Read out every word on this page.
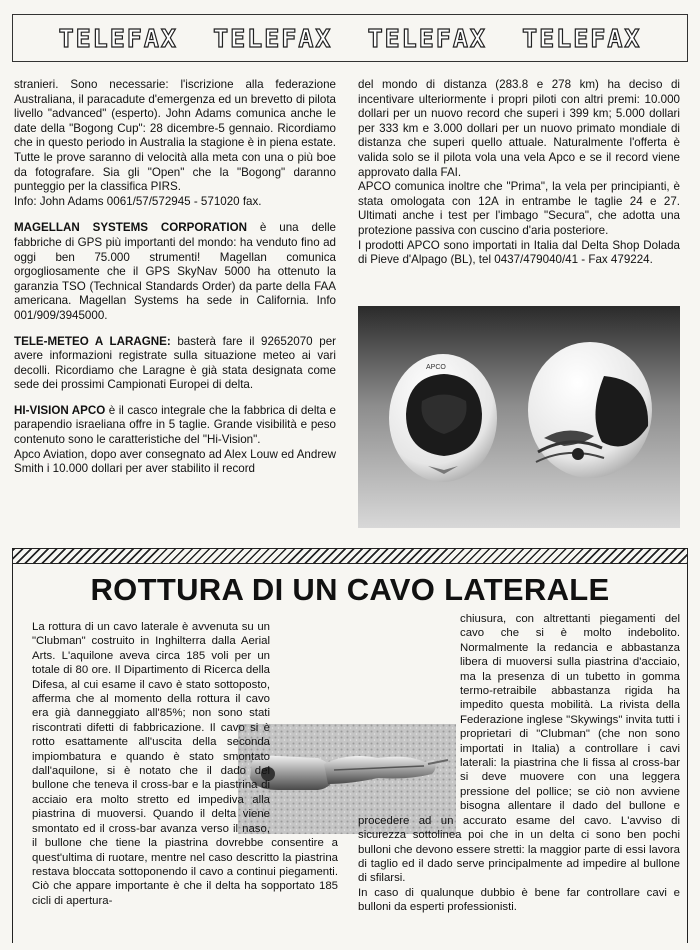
TELEFAX TELEFAX TELEFAX TELEFAX

stranieri. Sono necessarie: l'iscrizione alla federazione Australiana, il paracadute d'emergenza ed un brevetto di pilota livello "advanced" (esperto). John Adams comunica anche le date della "Bogong Cup": 28 dicembre-5 gennaio. Ricordiamo che in questo periodo in Australia la stagione è in piena estate. Tutte le prove saranno di velocità alla meta con una o più boe da fotografare. Sia gli "Open" che la "Bogong" daranno punteggio per la classifica PIRS.

Info: John Adams 0061/57/572945 - 571020 fax.

MAGELLAN SYSTEMS CORPORATION è una delle fabbriche di GPS più importanti del mondo: ha venduto fino ad oggi ben 75.000 strumenti! Magellan comunica orgogliosamente che il GPS SkyNav 5000 ha ottenuto la garanzia TSO (Technical Standards Order) da parte della FAA americana. Magellan Systems ha sede in California. Info 001/909/3945000.

TELE-METEO A LARAGNE: basterà fare il 92652070 per avere informazioni registrate sulla situazione meteo ai vari decolli. Ricordiamo che Laragne è già stata designata come sede dei prossimi Campionati Europei di delta.

HI-VISION APCO è il casco integrale che la fabbrica di delta e parapendio israeliana offre in 5 taglie. Grande visibilità e peso contenuto sono le caratteristiche del "Hi-Vision".

Apco Aviation, dopo aver consegnato ad Alex Louw ed Andrew Smith i 10.000 dollari per aver stabilito il record

del mondo di distanza (283.8 e 278 km) ha deciso di incentivare ulteriormente i propri piloti con altri premi: 10.000 dollari per un nuovo record che superi i 399 km; 5.000 dollari per 333 km e 3.000 dollari per un nuovo primato mondiale di distanza che superi quello attuale. Naturalmente l'offerta è valida solo se il pilota vola una vela Apco e se il record viene approvato dalla FAI.

APCO comunica inoltre che "Prima", la vela per principianti, è stata omologata con 12A in entrambe le taglie 24 e 27. Ultimati anche i test per l'imbago "Secura", che adotta una protezione passiva con cuscino d'aria posteriore.

I prodotti APCO sono importati in Italia dal Delta Shop Dolada di Pieve d'Alpago (BL), tel 0437/479040/41 - Fax 479224.

APCO
ROTTURA DI UN CAVO LATERALE

La rottura di un cavo laterale è avvenuta su un "Clubman" costruito in Inghilterra dalla Aerial Arts. L'aquilone aveva circa 185 voli per un totale di 80 ore. Il Dipartimento di Ricerca della Difesa, al cui esame il cavo è stato sottoposto, afferma che al momento della rottura il cavo era già danneggiato all'85%; non sono stati riscontrati difetti di fabbricazione. Il cavo si è rotto esattamente all'uscita della seconda impiombatura e quando è stato smontato dall'aquilone, si è notato che il dado del bullone che teneva il cross-bar e la piastrina di acciaio era molto stretto ed impediva alla piastrina di muoversi. Quando il delta viene smontato ed il cross-bar avanza verso il naso, il bullone che tiene la piastrina dovrebbe consentire a quest'ultima di ruotare, mentre nel caso descritto la piastrina restava bloccata sottoponendo il cavo a continui piegamenti. Ciò che appare importante è che il delta ha sopportato 185 cicli di apertura-

chiusura, con altrettanti piegamenti del cavo che si è molto indebolito. Normalmente la redancia e abbastanza libera di muoversi sulla piastrina d'acciaio, ma la presenza di un tubetto in gomma termo-retraibile abbastanza rigida ha impedito questa mobilità. La rivista della Federazione inglese "Skywings" invita tutti i proprietari di "Clubman" (che non sono importati in Italia) a controllare i cavi laterali: la piastrina che li fissa al cross-bar si deve muovere con una leggera pressione del pollice; se ciò non avviene bisogna allentare il dado del bullone e procedere ad un accurato esame del cavo. L'avviso di sicurezza sottolinea poi che in un delta ci sono ben pochi bulloni che devono essere stretti: la maggior parte di essi lavora di taglio ed il dado serve principalmente ad impedire al bullone di sfilarsi.

In caso di qualunque dubbio è bene far controllare cavi e bulloni da esperti professionisti.
